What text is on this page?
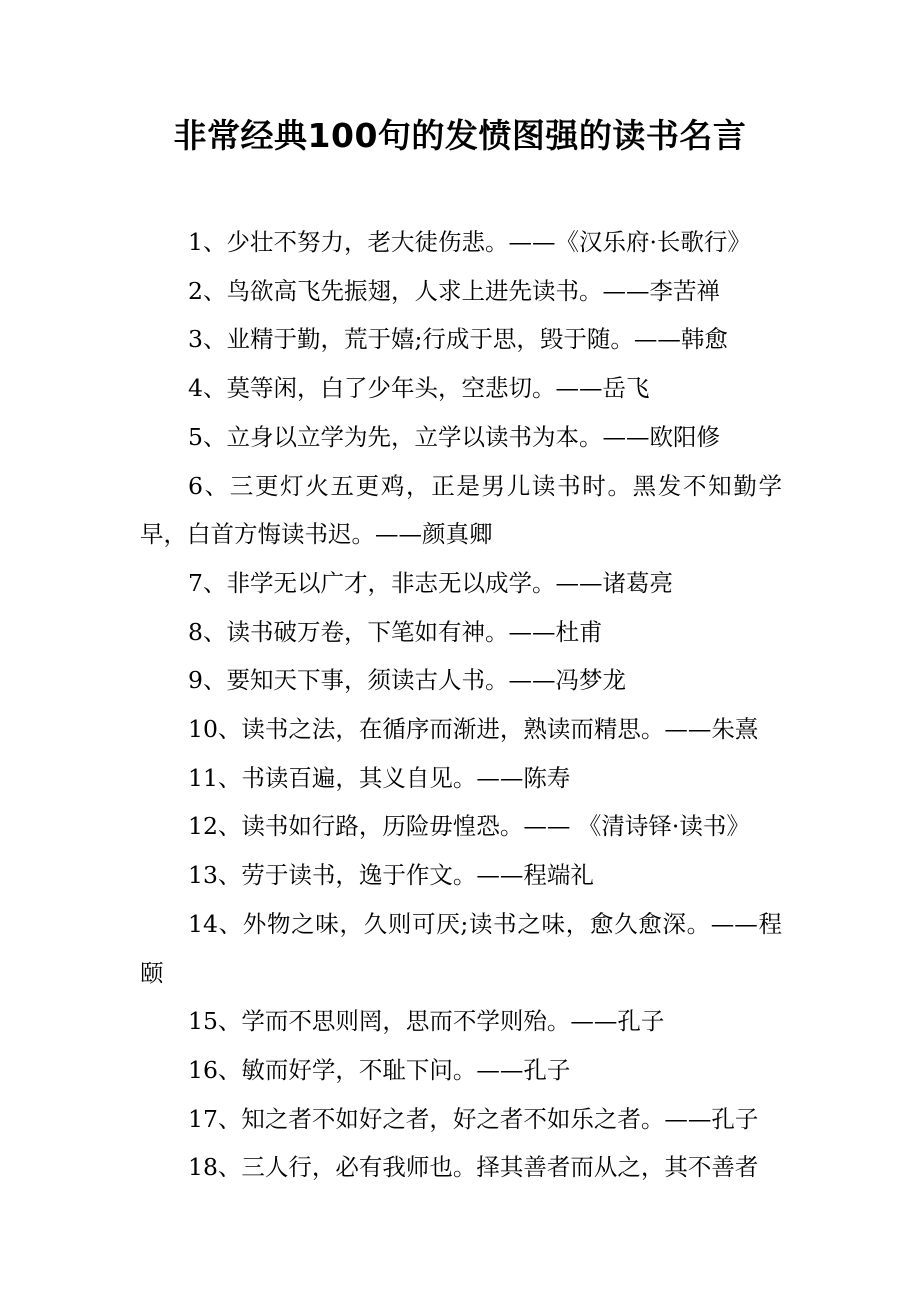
非常经典100句的发愤图强的读书名言

1、少壮不努力，老大徒伤悲。——《汉乐府·长歌行》

2、鸟欲高飞先振翅，人求上进先读书。——李苦禅

3、业精于勤，荒于嬉;行成于思，毁于随。——韩愈

4、莫等闲，白了少年头，空悲切。——岳飞

5、立身以立学为先，立学以读书为本。——欧阳修

6、三更灯火五更鸡，正是男儿读书时。黑发不知勤学早，白首方悔读书迟。——颜真卿

7、非学无以广才，非志无以成学。——诸葛亮

8、读书破万卷，下笔如有神。——杜甫

9、要知天下事，须读古人书。——冯梦龙

10、读书之法，在循序而渐进，熟读而精思。——朱熹

11、书读百遍，其义自见。——陈寿

12、读书如行路，历险毋惶恐。—— 《清诗铎·读书》

13、劳于读书，逸于作文。——程端礼

14、外物之味，久则可厌;读书之味，愈久愈深。——程颐

15、学而不思则罔，思而不学则殆。——孔子

16、敏而好学，不耻下问。——孔子

17、知之者不如好之者，好之者不如乐之者。——孔子

18、三人行，必有我师也。择其善者而从之，其不善者
